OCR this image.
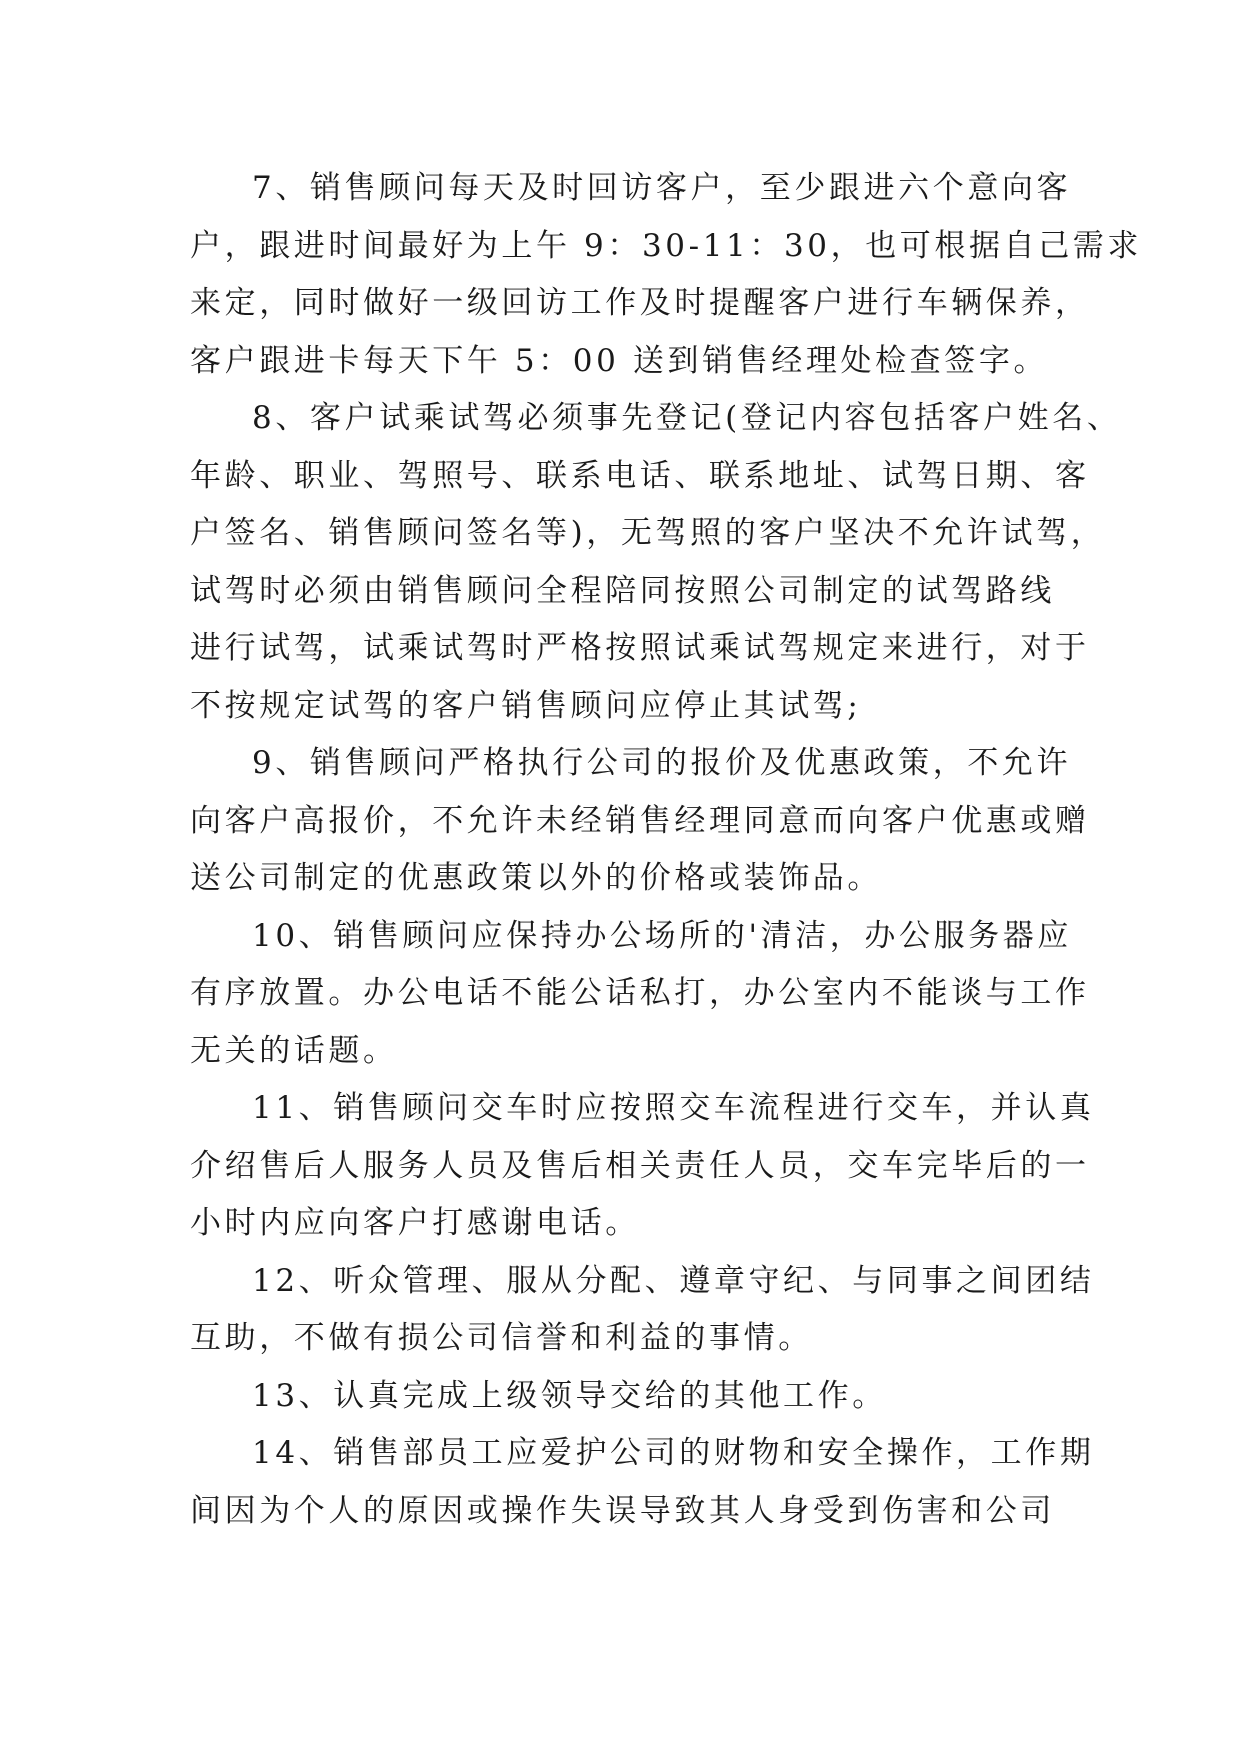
7、销售顾问每天及时回访客户，至少跟进六个意向客
户，跟进时间最好为上午 9：30-11：30，也可根据自己需求
来定，同时做好一级回访工作及时提醒客户进行车辆保养，
客户跟进卡每天下午 5：00 送到销售经理处检查签字。

8、客户试乘试驾必须事先登记(登记内容包括客户姓名、
年龄、职业、驾照号、联系电话、联系地址、试驾日期、客
户签名、销售顾问签名等)，无驾照的客户坚决不允许试驾，
试驾时必须由销售顾问全程陪同按照公司制定的试驾路线
进行试驾，试乘试驾时严格按照试乘试驾规定来进行，对于
不按规定试驾的客户销售顾问应停止其试驾;

9、销售顾问严格执行公司的报价及优惠政策，不允许
向客户高报价，不允许未经销售经理同意而向客户优惠或赠
送公司制定的优惠政策以外的价格或装饰品。

10、销售顾问应保持办公场所的'清洁，办公服务器应
有序放置。办公电话不能公话私打，办公室内不能谈与工作
无关的话题。

11、销售顾问交车时应按照交车流程进行交车，并认真
介绍售后人服务人员及售后相关责任人员，交车完毕后的一
小时内应向客户打感谢电话。

12、听众管理、服从分配、遵章守纪、与同事之间团结
互助，不做有损公司信誉和利益的事情。

13、认真完成上级领导交给的其他工作。

14、销售部员工应爱护公司的财物和安全操作，工作期
间因为个人的原因或操作失误导致其人身受到伤害和公司
